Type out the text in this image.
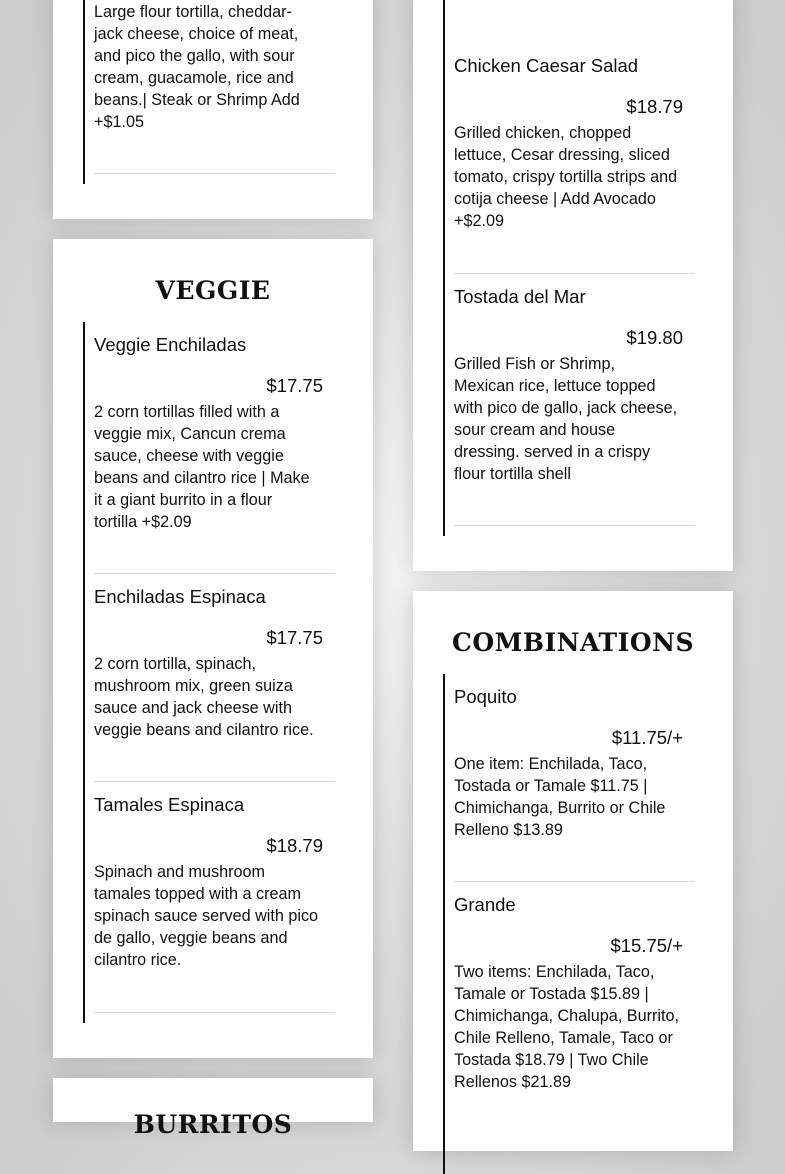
Large flour tortilla, cheddar-jack cheese, choice of meat, and pico the gallo, with sour cream, guacamole, rice and beans.| Steak or Shrimp Add +$1.05
VEGGIE
Veggie Enchiladas
$17.75
2 corn tortillas filled with a veggie mix, Cancun crema sauce, cheese with veggie beans and cilantro rice | Make it a giant burrito in a flour tortilla +$2.09
Enchiladas Espinaca
$17.75
2 corn tortilla, spinach, mushroom mix, green suiza sauce and jack cheese with veggie beans and cilantro rice.
Tamales Espinaca
$18.79
Spinach and mushroom tamales topped with a cream spinach sauce served with pico de gallo, veggie beans and cilantro rice.
BURRITOS
Chicken Caesar Salad
$18.79
Grilled chicken, chopped lettuce, Cesar dressing, sliced tomato, crispy tortilla strips and cotija cheese | Add Avocado +$2.09
Tostada del Mar
$19.80
Grilled Fish or Shrimp, Mexican rice, lettuce topped with pico de gallo, jack cheese, sour cream and house dressing. served in a crispy flour tortilla shell
COMBINATIONS
Poquito
$11.75/+
One item: Enchilada, Taco, Tostada or Tamale $11.75 | Chimichanga, Burrito or Chile Relleno $13.89
Grande
$15.75/+
Two items: Enchilada, Taco, Tamale or Tostada $15.89 | Chimichanga, Chalupa, Burrito, Chile Relleno, Tamale, Taco or Tostada $18.79 | Two Chile Rellenos $21.89
